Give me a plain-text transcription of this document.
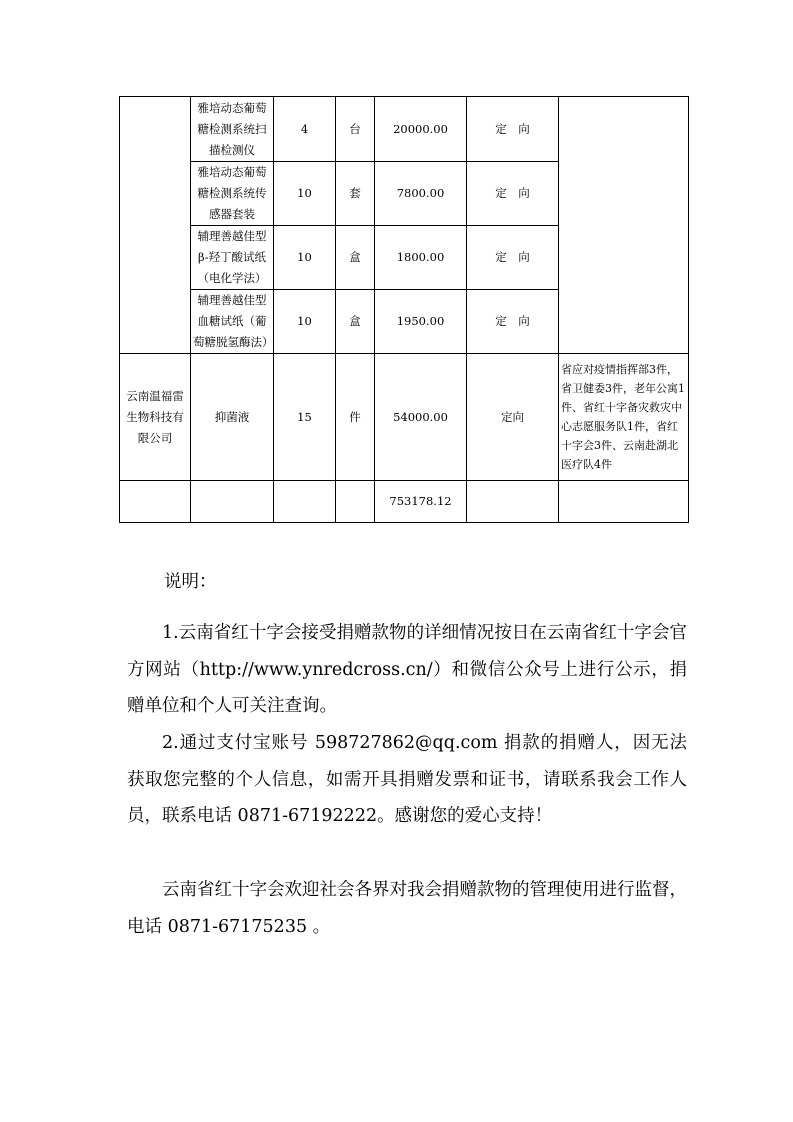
	雅培动态葡萄糖检测系统扫描检测仪	4	台	20000.00	定　向	
	雅培动态葡萄糖检测系统传感器套装	10	套	7800.00	定　向	
	辅理善越佳型β-羟丁酸试纸（电化学法）	10	盒	1800.00	定　向	
	辅理善越佳型血糖试纸（葡萄糖脱氢酶法）	10	盒	1950.00	定　向	
云南温福雷生物科技有限公司	抑菌液	15	件	54000.00	定向	省应对疫情指挥部3件，省卫健委3件，老年公寓1件、省红十字备灾救灾中心志愿服务队1件，省红十字会3件、云南赴湖北医疗队4件
				753178.12		
说明：

1.云南省红十字会接受捐赠款物的详细情况按日在云南省红十字会官方网站（http://www.ynredcross.cn/）和微信公众号上进行公示，捐赠单位和个人可关注查询。

2.通过支付宝账号 598727862@qq.com 捐款的捐赠人，因无法获取您完整的个人信息，如需开具捐赠发票和证书，请联系我会工作人员，联系电话 0871-67192222。感谢您的爱心支持！

云南省红十字会欢迎社会各界对我会捐赠款物的管理使用进行监督，电话 0871-67175235 。
